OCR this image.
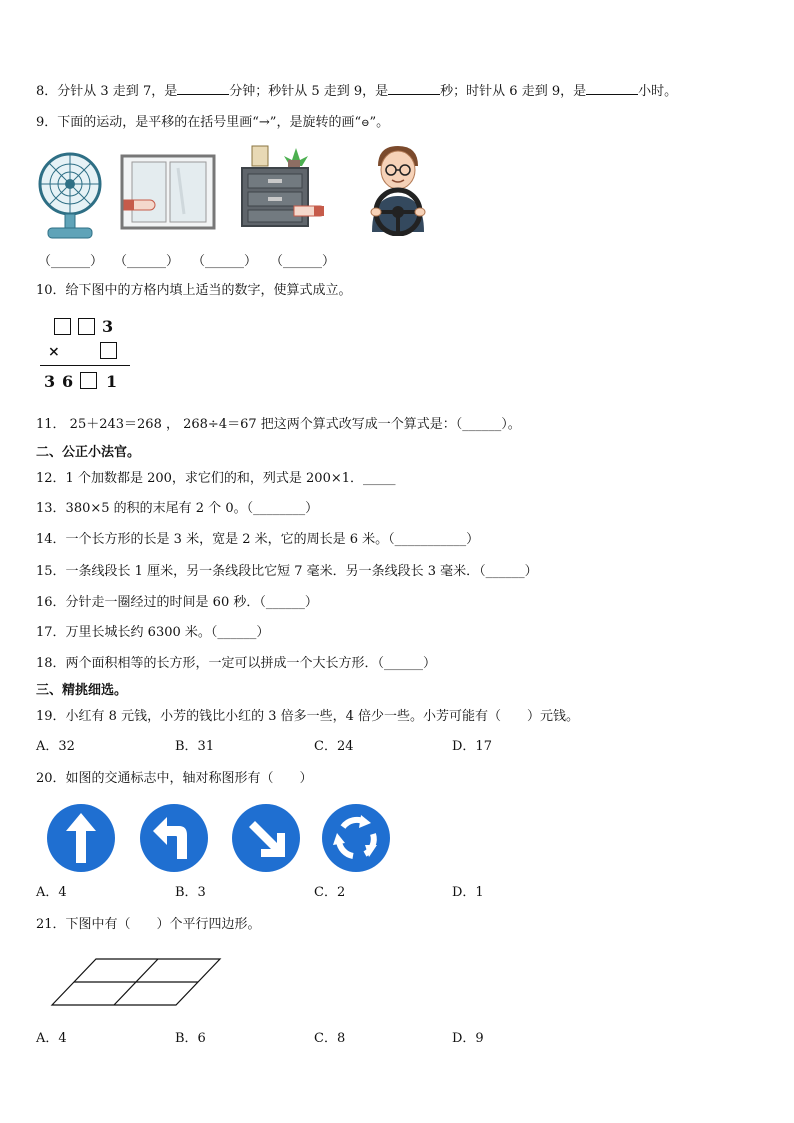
8．分针从 3 走到 7，是	分钟；秒针从 5 走到 9，是	秒；时针从 6 走到 9，是	小时。
9．下面的运动，是平移的在括号里画“→”，是旋转的画“⊖”。
（______） （______） （______） （______）
10．给下图中的方格内填上适当的数字，使算式成立。
3
×
3 6 1
11． 25＋243＝268 ， 268÷4＝67 把这两个算式改写成一个算式是：（______）。
二、公正小法官。
12．1 个加数都是 200，求它们的和，列式是 200×1．_____
13．380×5 的积的末尾有 2 个 0。（________）
14．一个长方形的长是 3 米，宽是 2 米，它的周长是 6 米。（___________）
15．一条线段长 1 厘米，另一条线段比它短 7 毫米．另一条线段长 3 毫米．（______）
16．分针走一圈经过的时间是 60 秒．（______）
17．万里长城长约 6300 米。（______）
18．两个面积相等的长方形，一定可以拼成一个大长方形．（______）
三、精挑细选。
19．小红有 8 元钱，小芳的钱比小红的 3 倍多一些，4 倍少一些。小芳可能有（　　）元钱。
A．32	B．31	C．24	D．17
20．如图的交通标志中，轴对称图形有（　　）
A．4	B．3	C．2	D．1
21．下图中有（　　）个平行四边形。
A．4	B．6	C．8	D．9
